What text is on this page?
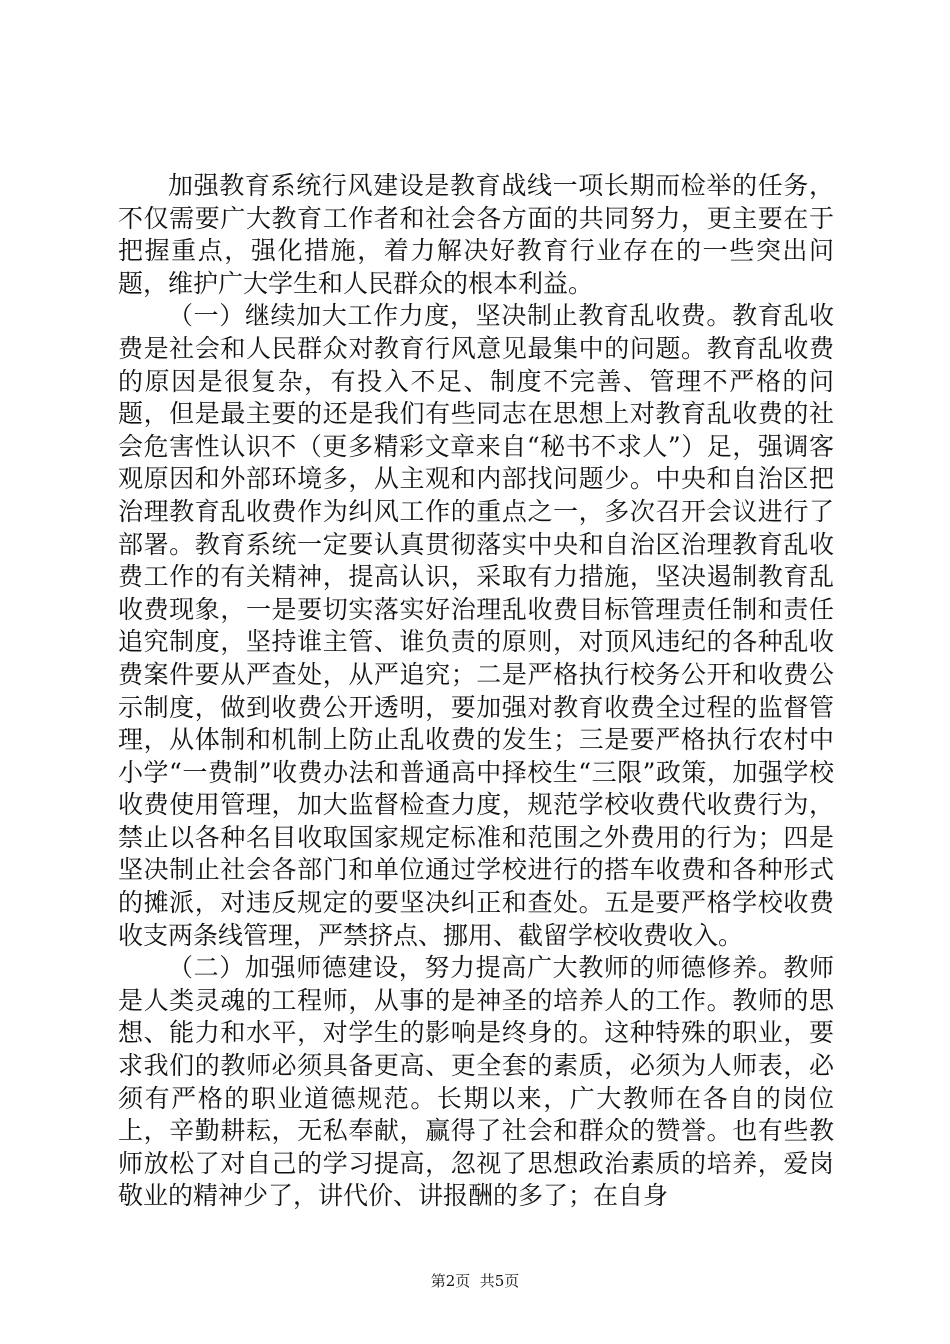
加强教育系统行风建设是教育战线一项长期而检举的任务，不仅需要广大教育工作者和社会各方面的共同努力，更主要在于把握重点，强化措施，着力解决好教育行业存在的一些突出问题，维护广大学生和人民群众的根本利益。

（一）继续加大工作力度，坚决制止教育乱收费。教育乱收费是社会和人民群众对教育行风意见最集中的问题。教育乱收费的原因是很复杂，有投入不足、制度不完善、管理不严格的问题，但是最主要的还是我们有些同志在思想上对教育乱收费的社会危害性认识不（更多精彩文章来自“秘书不求人”）足，强调客观原因和外部环境多，从主观和内部找问题少。中央和自治区把治理教育乱收费作为纠风工作的重点之一，多次召开会议进行了部署。教育系统一定要认真贯彻落实中央和自治区治理教育乱收费工作的有关精神，提高认识，采取有力措施，坚决遏制教育乱收费现象，一是要切实落实好治理乱收费目标管理责任制和责任追究制度，坚持谁主管、谁负责的原则，对顶风违纪的各种乱收费案件要从严查处，从严追究；二是严格执行校务公开和收费公示制度，做到收费公开透明，要加强对教育收费全过程的监督管理，从体制和机制上防止乱收费的发生；三是要严格执行农村中小学“一费制”收费办法和普通高中择校生“三限”政策，加强学校收费使用管理，加大监督检查力度，规范学校收费代收费行为，禁止以各种名目收取国家规定标准和范围之外费用的行为；四是坚决制止社会各部门和单位通过学校进行的搭车收费和各种形式的摊派，对违反规定的要坚决纠正和查处。五是要严格学校收费收支两条线管理，严禁挤点、挪用、截留学校收费收入。

（二）加强师德建设，努力提高广大教师的师德修养。教师是人类灵魂的工程师，从事的是神圣的培养人的工作。教师的思想、能力和水平，对学生的影响是终身的。这种特殊的职业，要求我们的教师必须具备更高、更全套的素质，必须为人师表，必须有严格的职业道德规范。长期以来，广大教师在各自的岗位上，辛勤耕耘，无私奉献，赢得了社会和群众的赞誉。也有些教师放松了对自己的学习提高，忽视了思想政治素质的培养，爱岗敬业的精神少了，讲代价、讲报酬的多了；在自身

第2页  共5页
